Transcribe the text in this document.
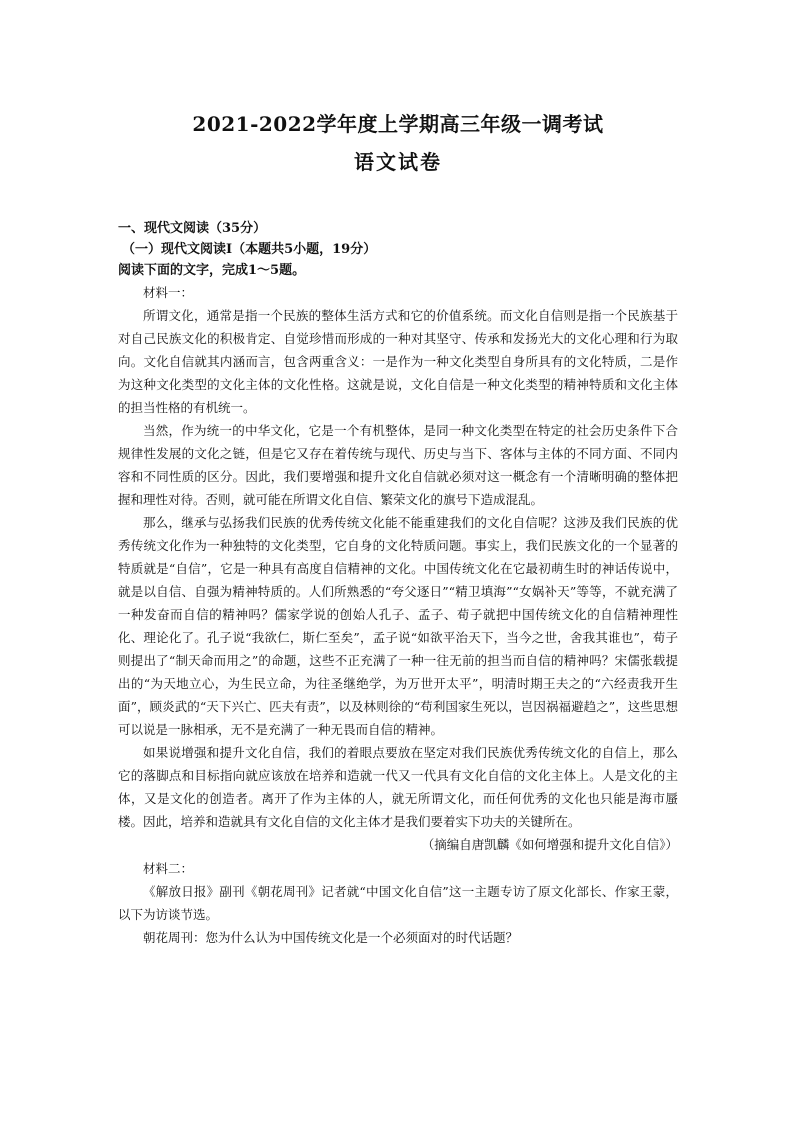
2021-2022学年度上学期高三年级一调考试
语文试卷

一、现代文阅读（35分）

（一）现代文阅读Ⅰ（本题共5小题，19分）

阅读下面的文字，完成1～5题。

材料一：

所谓文化，通常是指一个民族的整体生活方式和它的价值系统。而文化自信则是指一个民族基于对自己民族文化的积极肯定、自觉珍惜而形成的一种对其坚守、传承和发扬光大的文化心理和行为取向。文化自信就其内涵而言，包含两重含义：一是作为一种文化类型自身所具有的文化特质，二是作为这种文化类型的文化主体的文化性格。这就是说，文化自信是一种文化类型的精神特质和文化主体的担当性格的有机统一。

当然，作为统一的中华文化，它是一个有机整体，是同一种文化类型在特定的社会历史条件下合规律性发展的文化之链，但是它又存在着传统与现代、历史与当下、客体与主体的不同方面、不同内容和不同性质的区分。因此，我们要增强和提升文化自信就必须对这一概念有一个清晰明确的整体把握和理性对待。否则，就可能在所谓文化自信、繁荣文化的旗号下造成混乱。

那么，继承与弘扬我们民族的优秀传统文化能不能重建我们的文化自信呢？这涉及我们民族的优秀传统文化作为一种独特的文化类型，它自身的文化特质问题。事实上，我们民族文化的一个显著的特质就是“自信”，它是一种具有高度自信精神的文化。中国传统文化在它最初萌生时的神话传说中，就是以自信、自强为精神特质的。人们所熟悉的“夸父逐日”“精卫填海”“女娲补天”等等，不就充满了一种发奋而自信的精神吗？儒家学说的创始人孔子、孟子、荀子就把中国传统文化的自信精神理性化、理论化了。孔子说“我欲仁，斯仁至矣”，孟子说“如欲平治天下，当今之世，舍我其谁也”，荀子则提出了“制天命而用之”的命题，这些不正充满了一种一往无前的担当而自信的精神吗？宋儒张载提出的“为天地立心，为生民立命，为往圣继绝学，为万世开太平”，明清时期王夫之的“六经责我开生面”，顾炎武的“天下兴亡、匹夫有责”，以及林则徐的“苟利国家生死以，岂因祸福避趋之”，这些思想可以说是一脉相承，无不是充满了一种无畏而自信的精神。

如果说增强和提升文化自信，我们的着眼点要放在坚定对我们民族优秀传统文化的自信上，那么它的落脚点和目标指向就应该放在培养和造就一代又一代具有文化自信的文化主体上。人是文化的主体，又是文化的创造者。离开了作为主体的人，就无所谓文化，而任何优秀的文化也只能是海市蜃楼。因此，培养和造就具有文化自信的文化主体才是我们要着实下功夫的关键所在。

（摘编自唐凯麟《如何增强和提升文化自信》）

材料二：

《解放日报》副刊《朝花周刊》记者就“中国文化自信”这一主题专访了原文化部长、作家王蒙，以下为访谈节选。

朝花周刊：您为什么认为中国传统文化是一个必须面对的时代话题？
